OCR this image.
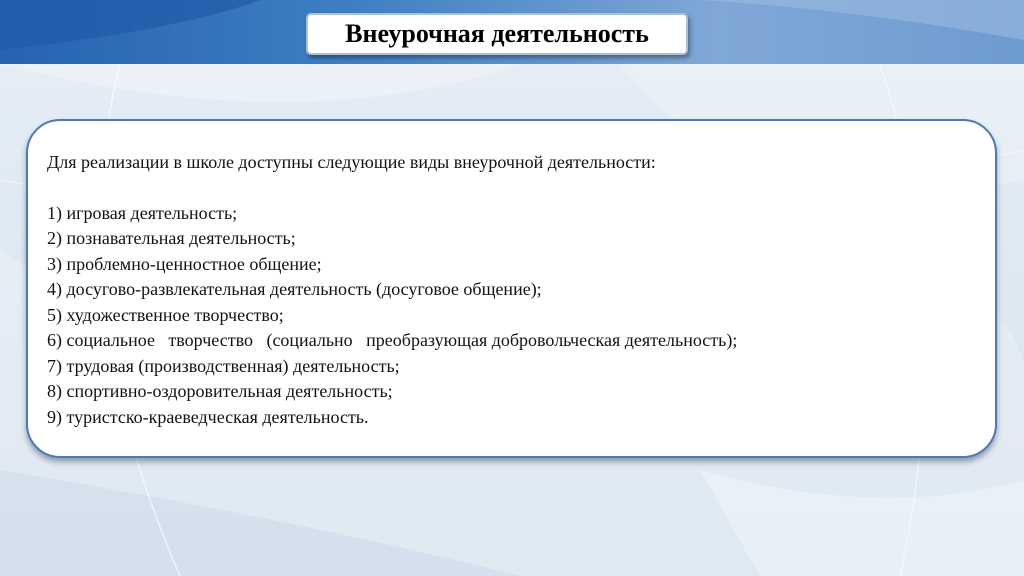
Внеурочная деятельность

Для реализации в школе доступны следующие виды внеурочной деятельности:

1) игровая деятельность;
2) познавательная деятельность;
3) проблемно-ценностное общение;
4) досугово-развлекательная деятельность (досуговое общение);
5) художественное творчество;
6) социальное   творчество   (социально   преобразующая добровольческая деятельность);
7) трудовая (производственная) деятельность;
8) спортивно-оздоровительная деятельность;
9) туристско-краеведческая деятельность.
